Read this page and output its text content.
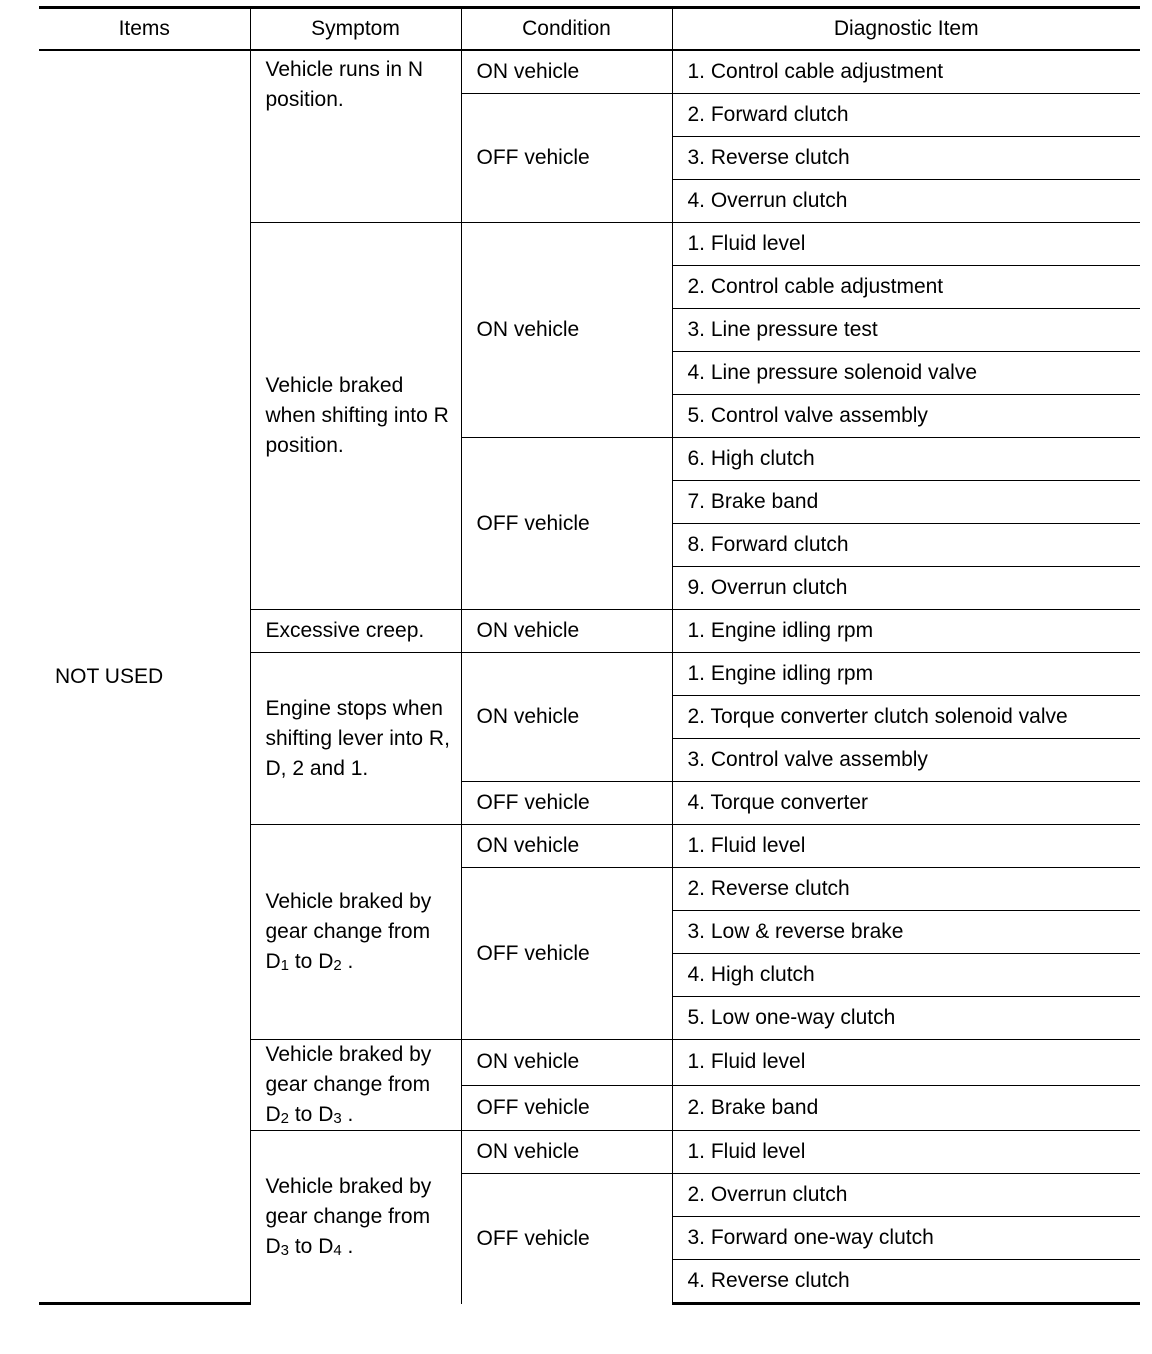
Items	Symptom	Condition	Diagnostic Item
NOT USED	Vehicle runs in N position.	ON vehicle	1. Control cable adjustment
		OFF vehicle	2. Forward clutch
			3. Reverse clutch
			4. Overrun clutch
	Vehicle braked when shifting into R position.	ON vehicle	1. Fluid level
			2. Control cable adjustment
			3. Line pressure test
			4. Line pressure solenoid valve
			5. Control valve assembly
		OFF vehicle	6. High clutch
			7. Brake band
			8. Forward clutch
			9. Overrun clutch
	Excessive creep.	ON vehicle	1. Engine idling rpm
	Engine stops when shifting lever into R, D, 2 and 1.	ON vehicle	1. Engine idling rpm
			2. Torque converter clutch solenoid valve
			3. Control valve assembly
		OFF vehicle	4. Torque converter
	Vehicle braked by gear change from $D_1$ to $D_2$ .	ON vehicle	1. Fluid level
		OFF vehicle	2. Reverse clutch
			3. Low & reverse brake
			4. High clutch
			5. Low one-way clutch
	Vehicle braked by gear change from $D_2$ to $D_3$ .	ON vehicle	1. Fluid level
		OFF vehicle	2. Brake band
	Vehicle braked by gear change from $D_3$ to $D_4$ .	ON vehicle	1. Fluid level
		OFF vehicle	2. Overrun clutch
			3. Forward one-way clutch
			4. Reverse clutch
